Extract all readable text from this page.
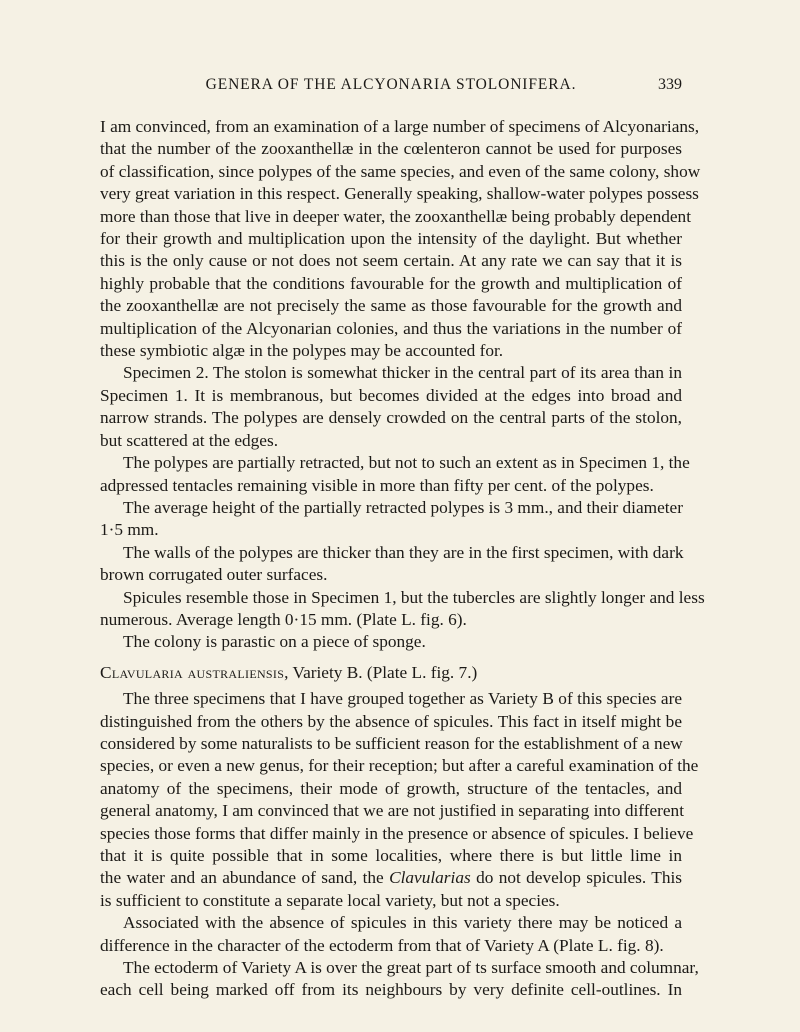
GENERA OF THE ALCYONARIA STOLONIFERA.	339
I am convinced, from an examination of a large number of specimens of Alcyonarians,
that the number of the zooxanthellæ in the cœlenteron cannot be used for purposes
of classification, since polypes of the same species, and even of the same colony, show
very great variation in this respect. Generally speaking, shallow-water polypes possess
more than those that live in deeper water, the zooxanthellæ being probably dependent
for their growth and multiplication upon the intensity of the daylight. But whether
this is the only cause or not does not seem certain. At any rate we can say that it is
highly probable that the conditions favourable for the growth and multiplication of
the zooxanthellæ are not precisely the same as those favourable for the growth and
multiplication of the Alcyonarian colonies, and thus the variations in the number of
these symbiotic algæ in the polypes may be accounted for.
Specimen 2. The stolon is somewhat thicker in the central part of its area than in
Specimen 1. It is membranous, but becomes divided at the edges into broad and
narrow strands. The polypes are densely crowded on the central parts of the stolon,
but scattered at the edges.
The polypes are partially retracted, but not to such an extent as in Specimen 1, the
adpressed tentacles remaining visible in more than fifty per cent. of the polypes.
The average height of the partially retracted polypes is 3 mm., and their diameter
1·5 mm.
The walls of the polypes are thicker than they are in the first specimen, with dark
brown corrugated outer surfaces.
Spicules resemble those in Specimen 1, but the tubercles are slightly longer and less
numerous. Average length 0·15 mm. (Plate L. fig. 6).
The colony is parastic on a piece of sponge.
Clavularia australiensis, Variety B. (Plate L. fig. 7.)
The three specimens that I have grouped together as Variety B of this species are
distinguished from the others by the absence of spicules. This fact in itself might be
considered by some naturalists to be sufficient reason for the establishment of a new
species, or even a new genus, for their reception; but after a careful examination of the
anatomy of the specimens, their mode of growth, structure of the tentacles, and
general anatomy, I am convinced that we are not justified in separating into different
species those forms that differ mainly in the presence or absence of spicules. I believe
that it is quite possible that in some localities, where there is but little lime in
the water and an abundance of sand, the Clavularias do not develop spicules. This
is sufficient to constitute a separate local variety, but not a species.
Associated with the absence of spicules in this variety there may be noticed a
difference in the character of the ectoderm from that of Variety A (Plate L. fig. 8).
The ectoderm of Variety A is over the great part of ts surface smooth and columnar,
each cell being marked off from its neighbours by very definite cell-outlines. In
